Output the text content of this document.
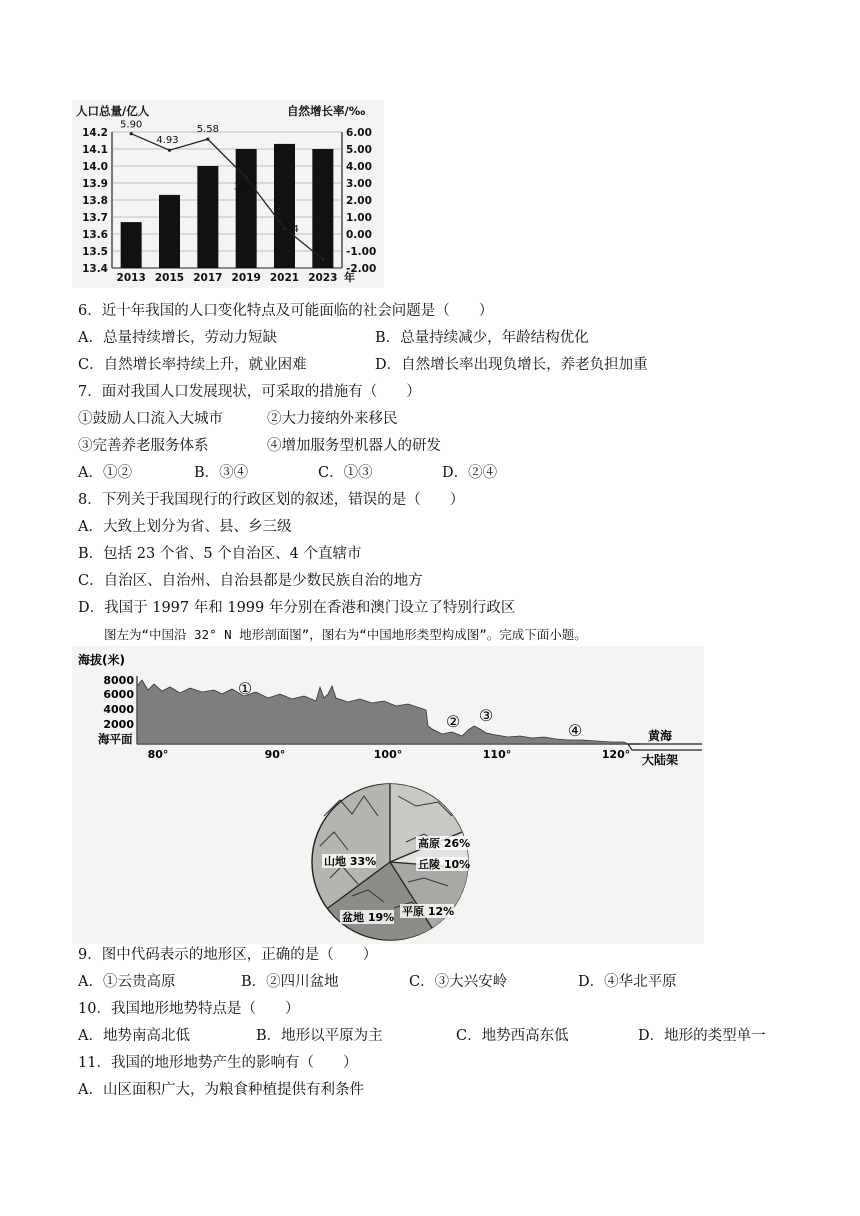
人口总量/亿人	自然增长率/‰
14.2
14.1
14.0
13.9
13.8
13.7
13.6
13.5
13.4
6.00
5.00
4.00
3.00
2.00
1.00
0.00
-1.00
-2.00
2013 2015 2017 2019 2021 2023 年
5.90
4.93
5.58
32
14
8
6．近十年我国的人口变化特点及可能面临的社会问题是（　　）
A．总量持续增长，劳动力短缺	B．总量持续减少，年龄结构优化
C．自然增长率持续上升，就业困难	D．自然增长率出现负增长，养老负担加重
7．面对我国人口发展现状，可采取的措施有（　　）
①鼓励人口流入大城市	②大力接纳外来移民
③完善养老服务体系	④增加服务型机器人的研发
A．①②	B．③④	C．①③	D．②④
8．下列关于我国现行的行政区划的叙述，错误的是（　　）
A．大致上划分为省、县、乡三级
B．包括 23 个省、5 个自治区、4 个直辖市
C．自治区、自治州、自治县都是少数民族自治的地方
D．我国于 1997 年和 1999 年分别在香港和澳门设立了特别行政区
图左为“中国沿 32° N 地形剖面图”，图右为“中国地形类型构成图”。完成下面小题。
海拔(米)
8000
6000
4000
2000
海平面	黄海
大陆架
80°	90°	100°	110°	120°
①
② ③
④
高原 26%
丘陵 10%
山地 33%
盆地 19% 平原 12%
9．图中代码表示的地形区，正确的是（　　）
A．①云贵高原	B．②四川盆地	C．③大兴安岭	D．④华北平原
10．我国地形地势特点是（　　）
A．地势南高北低	B．地形以平原为主	C．地势西高东低	D．地形的类型单一
11．我国的地形地势产生的影响有（　　）
A．山区面积广大，为粮食种植提供有利条件
